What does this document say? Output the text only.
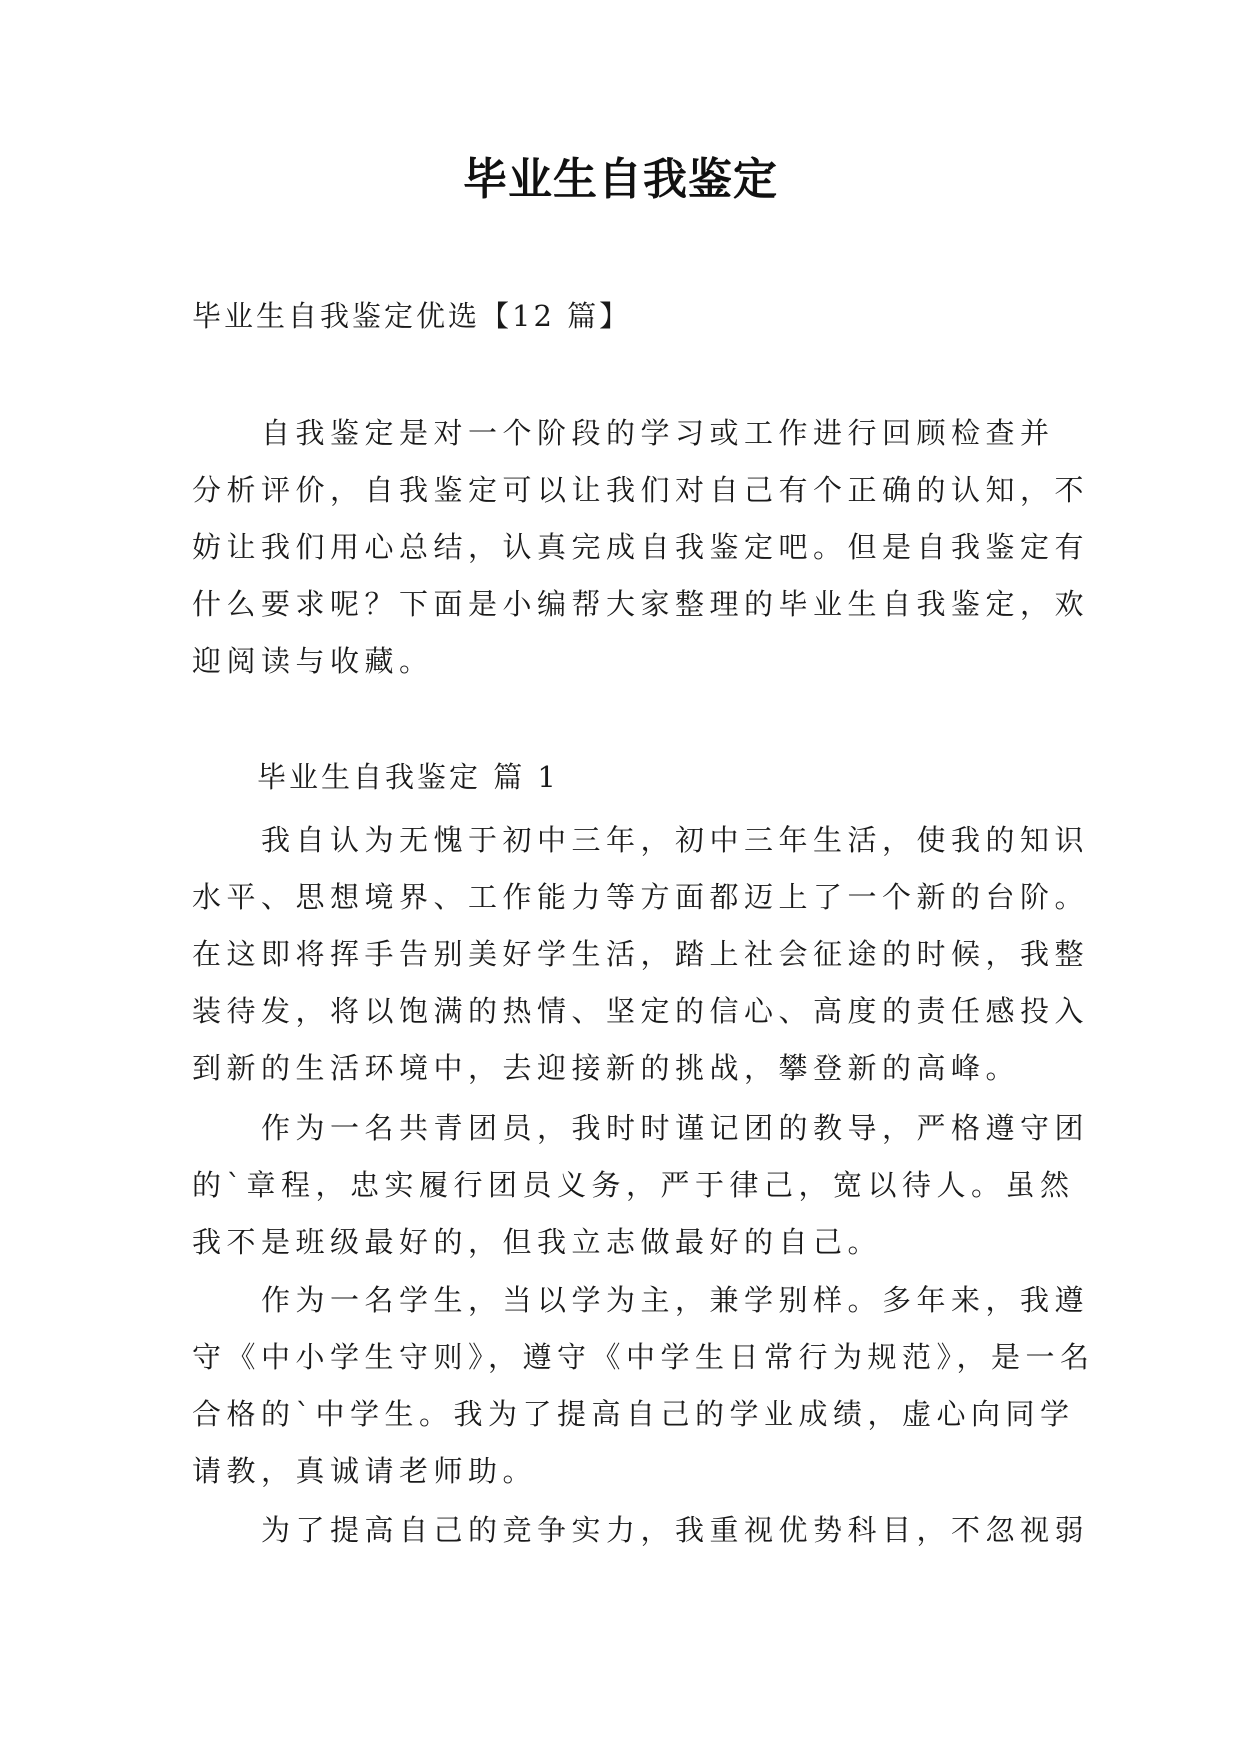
毕业生自我鉴定

毕业生自我鉴定优选【12 篇】

　　自我鉴定是对一个阶段的学习或工作进行回顾检查并
分析评价，自我鉴定可以让我们对自己有个正确的认知，不
妨让我们用心总结，认真完成自我鉴定吧。但是自我鉴定有
什么要求呢？下面是小编帮大家整理的毕业生自我鉴定，欢
迎阅读与收藏。

毕业生自我鉴定 篇 1

　　我自认为无愧于初中三年，初中三年生活，使我的知识
水平、思想境界、工作能力等方面都迈上了一个新的台阶。
在这即将挥手告别美好学生活，踏上社会征途的时候，我整
装待发，将以饱满的热情、坚定的信心、高度的责任感投入
到新的生活环境中，去迎接新的挑战，攀登新的高峰。
　　作为一名共青团员，我时时谨记团的教导，严格遵守团
的`章程，忠实履行团员义务，严于律己，宽以待人。虽然
我不是班级最好的，但我立志做最好的自己。
　　作为一名学生，当以学为主，兼学别样。多年来，我遵
守《中小学生守则》，遵守《中学生日常行为规范》，是一名
合格的`中学生。我为了提高自己的学业成绩，虚心向同学
请教，真诚请老师助。
　　为了提高自己的竞争实力，我重视优势科目，不忽视弱
